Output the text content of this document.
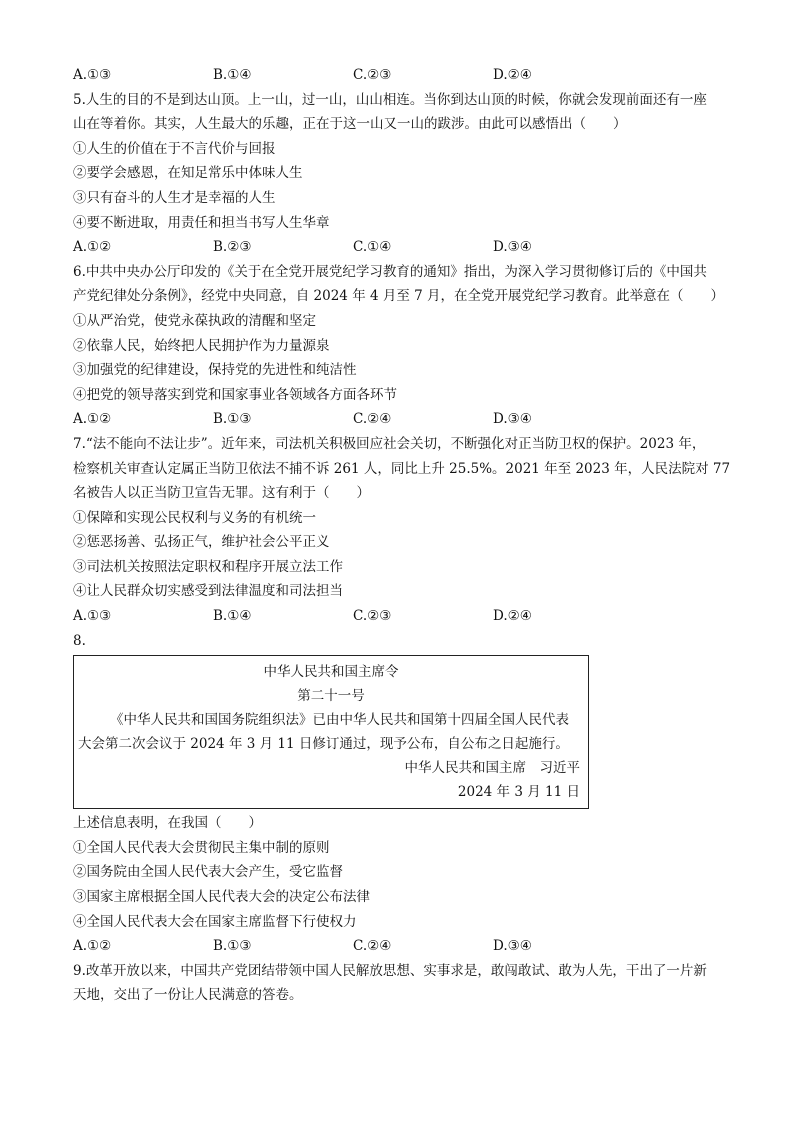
A.①③	B.①④	C.②③	D.②④
5.人生的目的不是到达山顶。上一山，过一山，山山相连。当你到达山顶的时候，你就会发现前面还有一座
山在等着你。其实，人生最大的乐趣，正在于这一山又一山的跋涉。由此可以感悟出（　　）
①人生的价值在于不言代价与回报
②要学会感恩，在知足常乐中体味人生
③只有奋斗的人生才是幸福的人生
④要不断进取，用责任和担当书写人生华章
A.①②	B.②③	C.①④	D.③④
6.中共中央办公厅印发的《关于在全党开展党纪学习教育的通知》指出，为深入学习贯彻修订后的《中国共
产党纪律处分条例》，经党中央同意，自 2024 年 4 月至 7 月，在全党开展党纪学习教育。此举意在（　　）
①从严治党，使党永葆执政的清醒和坚定
②依靠人民，始终把人民拥护作为力量源泉
③加强党的纪律建设，保持党的先进性和纯洁性
④把党的领导落实到党和国家事业各领域各方面各环节
A.①②	B.①③	C.②④	D.③④
7.“法不能向不法让步”。近年来，司法机关积极回应社会关切，不断强化对正当防卫权的保护。2023 年，
检察机关审查认定属正当防卫依法不捕不诉 261 人，同比上升 25.5%。2021 年至 2023 年，人民法院对 77
名被告人以正当防卫宣告无罪。这有利于（　　）
①保障和实现公民权利与义务的有机统一
②惩恶扬善、弘扬正气，维护社会公平正义
③司法机关按照法定职权和程序开展立法工作
④让人民群众切实感受到法律温度和司法担当
A.①③	B.①④	C.②③	D.②④
8.
中华人民共和国主席令
第二十一号
《中华人民共和国国务院组织法》已由中华人民共和国第十四届全国人民代表
大会第二次会议于 2024 年 3 月 11 日修订通过，现予公布，自公布之日起施行。
中华人民共和国主席　习近平
2024 年 3 月 11 日
上述信息表明，在我国（　　）
①全国人民代表大会贯彻民主集中制的原则
②国务院由全国人民代表大会产生，受它监督
③国家主席根据全国人民代表大会的决定公布法律
④全国人民代表大会在国家主席监督下行使权力
A.①②	B.①③	C.②④	D.③④
9.改革开放以来，中国共产党团结带领中国人民解放思想、实事求是，敢闯敢试、敢为人先，干出了一片新
天地，交出了一份让人民满意的答卷。
